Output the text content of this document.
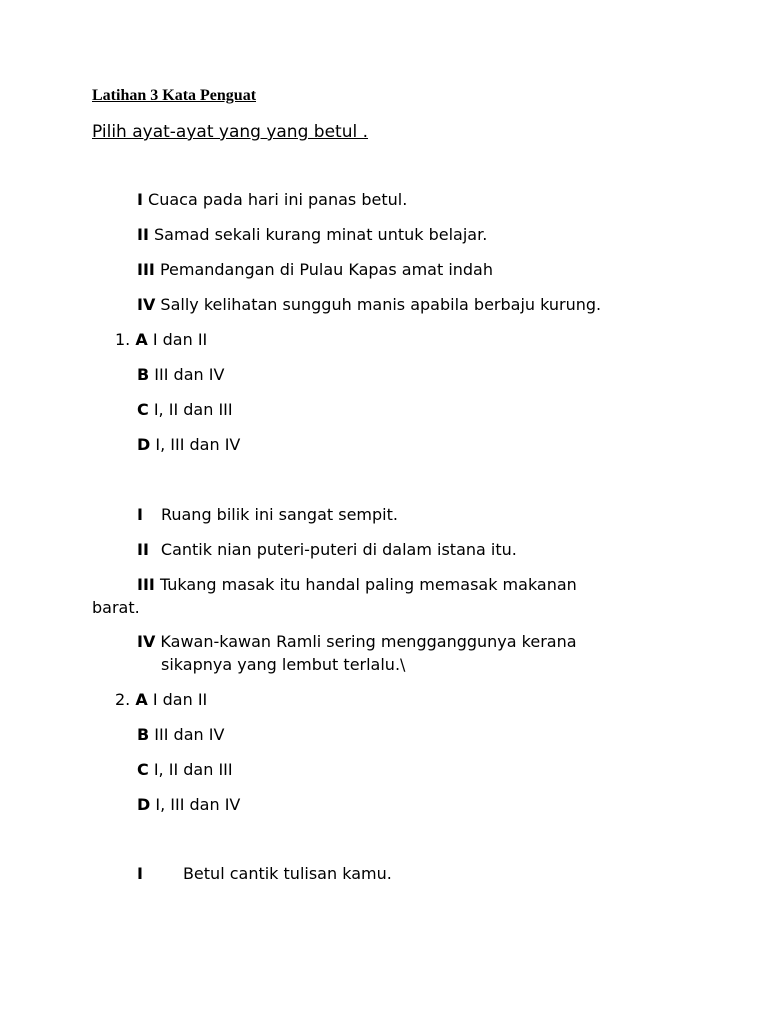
Latihan 3 Kata Penguat
Pilih ayat-ayat yang yang betul .
I Cuaca pada hari ini panas betul.
II Samad sekali kurang minat untuk belajar.
III Pemandangan di Pulau Kapas amat indah
IV Sally kelihatan sungguh manis apabila berbaju kurung.
1. A I dan II
B III dan IV
C I, II dan III
D I, III dan IV
I Ruang bilik ini sangat sempit.
II Cantik nian puteri-puteri di dalam istana itu.
III Tukang masak itu handal paling memasak makanan
barat.
IV Kawan-kawan Ramli sering mengganggunya kerana
sikapnya yang lembut terlalu.\
2. A I dan II
B III dan IV
C I, II dan III
D I, III dan IV
I	Betul cantik tulisan kamu.
